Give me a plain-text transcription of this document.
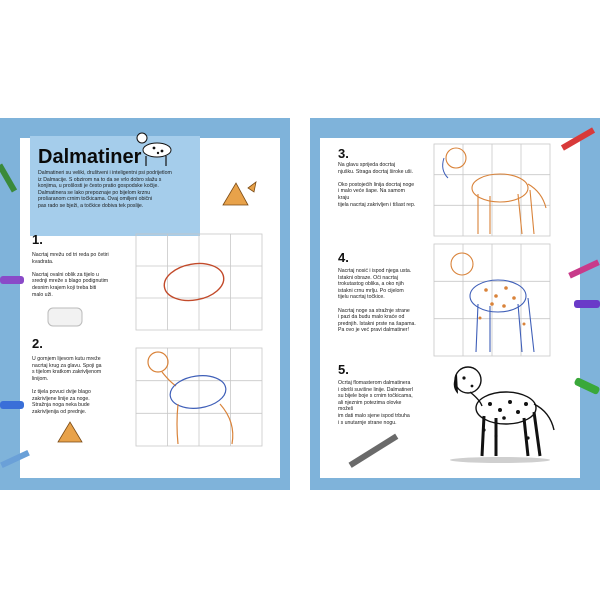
Dalmatiner
Dalmatineri su veliki, društveni i inteligentni psi podrijetlom
iz Dalmacije. S obzirom na to da se vrlo dobro slažu s
konjima, u prošlosti je često pratio gospodske kočije.
Dalmatinera se lako prepoznaje po bijelom krznu
prošaranom crnim točkicama. Ovaj omiljeni obični
pas rado se bježi, a točkice dobiva tek poslije.
1.
Nacrtaj mrežu od tri reda po četiri
kvadrata.

Nacrtaj ovalni oblik za tijelo u
srednji mreže s blago podignutim
desnim krajem koji treba biti
malo uži.
2.
U gornjem lijevom kutu mreže
nacrtaj krug za glavu. Spoji ga
s tijelom kratkom zakrivljenom
linijom.

Iz tijela povuci dvije blago
zakrivljene linije za noge.
Stražnja noga neka bude
zakrivljenija od prednje.
3.
Na glavu sprijeda docrtaj
njušku. Straga docrtaj široke uši.

Oko postojećih linija docrtaj noge
i malo veće šape. Na samom kraju
tijela nacrtaj zakrivljen i tišast rep.
4.
Nacrtaj nosić i ispod njega usta.
Istakni obraze. Oči nacrtaj
trokutastog oblika, a oko njih
istakni crnu mrlju. Po cijelom
tijelu nacrtaj točkice.

Nacrtaj noge sa stražnje strane
i pazi da budu malo kraće od
prednjih. Istakni prste na šapama.
Pa ovo je već pravi dalmatiner!
5.
Ocrtaj flomasterom dalmatinera
i obriši suvišne linije. Dalmatinerl
su bijele boje s crnim točkicama,
ali njeznim potezima olovke možeš
im dati malo sjene ispod trbuha
i s unutarnje strane nogu.
